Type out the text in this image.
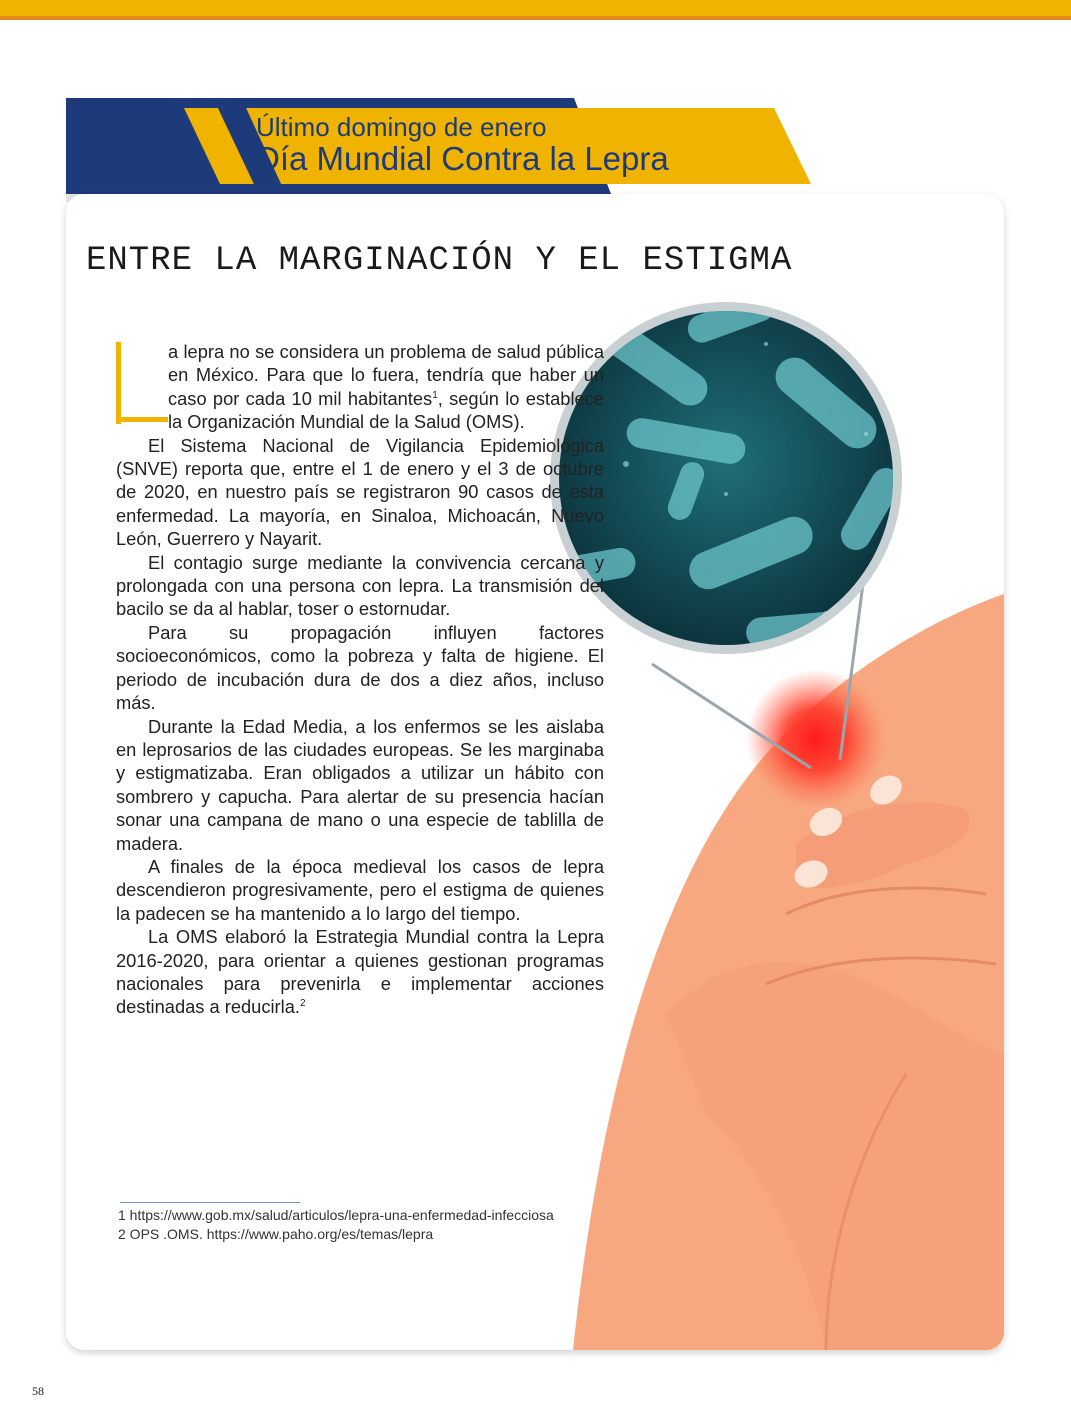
Último domingo de enero
Día Mundial Contra la Lepra
ENTRE LA MARGINACIÓN Y EL ESTIGMA

a lepra no se considera un problema de salud pública en México. Para que lo fuera, tendría que haber un caso por cada 10 mil habitantes$^1$, según lo establece la Organización Mundial de la Salud (OMS).

El Sistema Nacional de Vigilancia Epidemiológica (SNVE) reporta que, entre el 1 de enero y el 3 de octubre de 2020, en nuestro país se registraron 90 casos de esta enfermedad. La mayoría, en Sinaloa, Michoacán, Nuevo León, Guerrero y Nayarit.

El contagio surge mediante la convivencia cercana y prolongada con una persona con lepra. La transmisión del bacilo se da al hablar, toser o estornudar.

Para su propagación influyen factores socioeconómicos, como la pobreza y falta de higiene. El periodo de incubación dura de dos a diez años, incluso más.

Durante la Edad Media, a los enfermos se les aislaba en leprosarios de las ciudades europeas. Se les marginaba y estigmatizaba. Eran obligados a utilizar un hábito con sombrero y capucha. Para alertar de su presencia hacían sonar una campana de mano o una especie de tablilla de madera.

A finales de la época medieval los casos de lepra descendieron progresivamente, pero el estigma de quienes la padecen se ha mantenido a lo largo del tiempo.

La OMS elaboró la Estrategia Mundial contra la Lepra 2016-2020, para orientar a quienes gestionan programas nacionales para prevenirla e implementar acciones destinadas a reducirla.$^2$

1 https://www.gob.mx/salud/articulos/lepra-una-enfermedad-infecciosa
2 OPS .OMS. https://www.paho.org/es/temas/lepra
58
